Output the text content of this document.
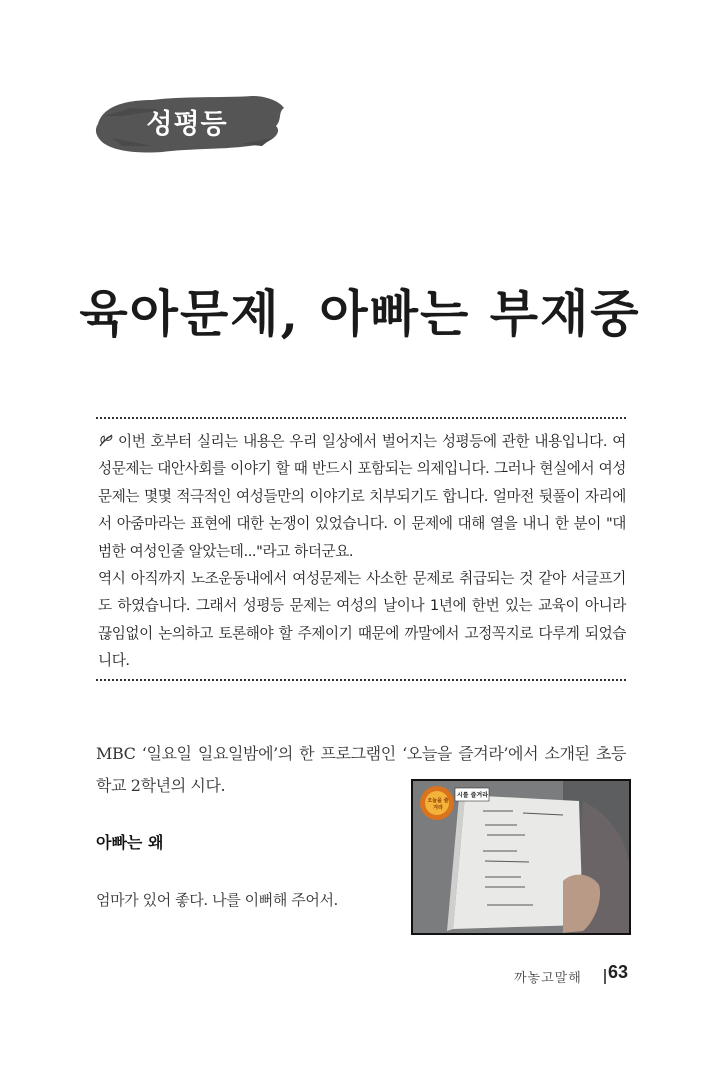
성평등
육아문제, 아빠는 부재중

이번 호부터 실리는 내용은 우리 일상에서 벌어지는 성평등에 관한 내용입니다. 여성문제는 대안사회를 이야기 할 때 반드시 포함되는 의제입니다. 그러나 현실에서 여성문제는 몇몇 적극적인 여성들만의 이야기로 치부되기도 합니다. 얼마전 뒷풀이 자리에서 아줌마라는 표현에 대한 논쟁이 있었습니다. 이 문제에 대해 열을 내니 한 분이 "대범한 여성인줄 알았는데..."라고 하더군요.

역시 아직까지 노조운동내에서 여성문제는 사소한 문제로 취급되는 것 같아 서글프기도 하였습니다. 그래서 성평등 문제는 여성의 날이나 1년에 한번 있는 교육이 아니라 끊임없이 논의하고 토론해야 할 주제이기 때문에 까말에서 고정꼭지로 다루게 되었습니다.

MBC ‘일요일 일요일밤에’의 한 프로그램인 ‘오늘을 즐겨라’에서 소개된 초등학교 2학년의 시다.
아빠는 왜
엄마가 있어 좋다. 나를 이뻐해 주어서.
오늘을 즐겨라
시를 즐겨라
까놓고말해 63
